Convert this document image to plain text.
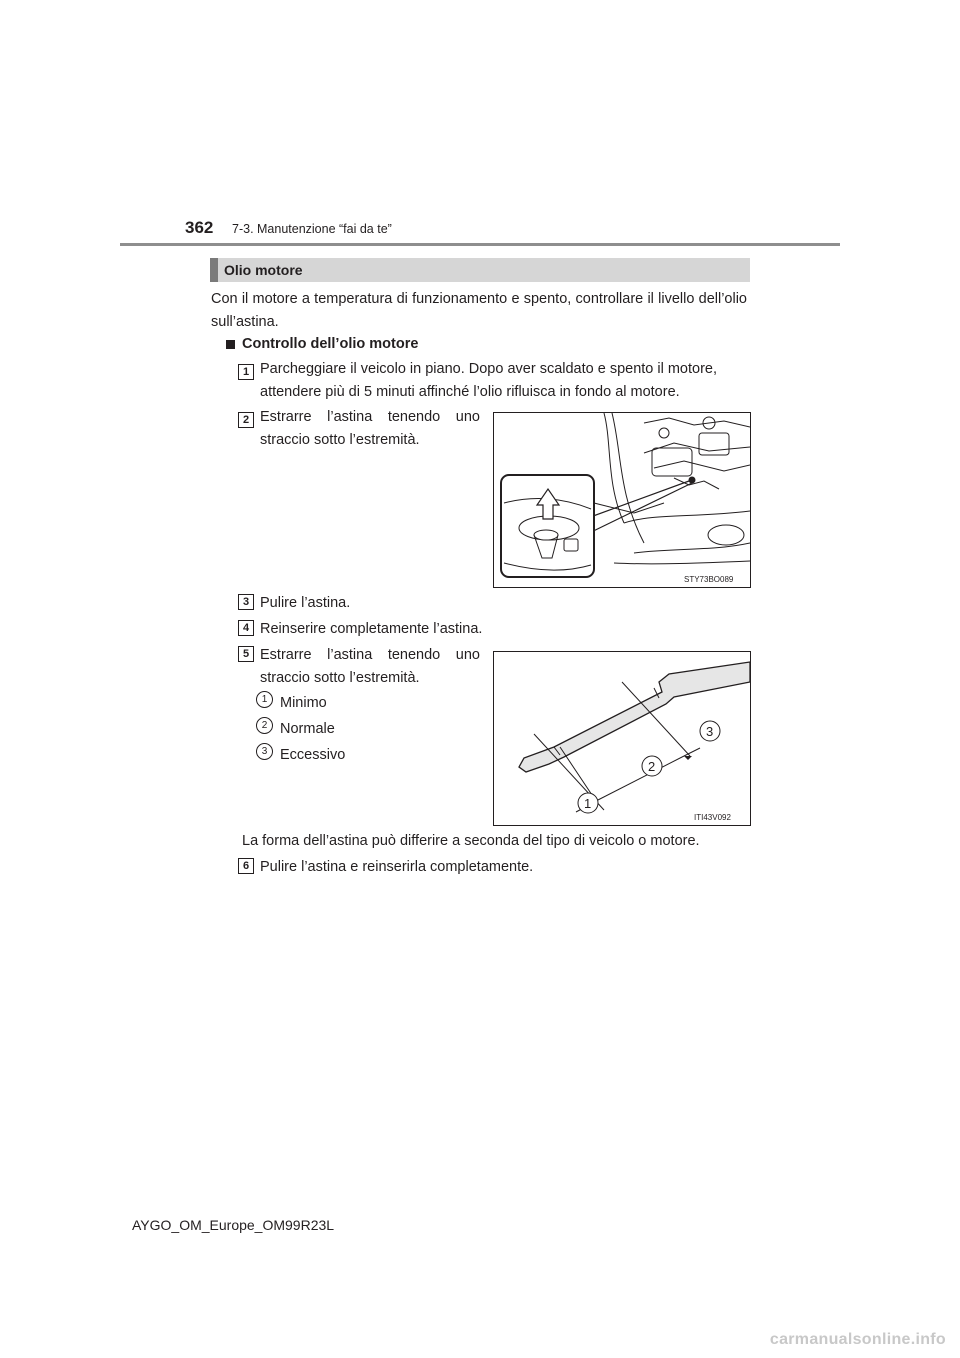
362 7-3. Manutenzione “fai da te”
Olio motore
Con il motore a temperatura di funzionamento e spento, controllare il livello dell’olio sull’astina.
Controllo dell’olio motore
1 Parcheggiare il veicolo in piano. Dopo aver scaldato e spento il motore,
attendere più di 5 minuti affinché l’olio rifluisca in fondo al motore.
2 Estrarre l’astina tenendo uno
straccio sotto l’estremità.
STY73BO089
3 Pulire l’astina.
4 Reinserire completamente l’astina.
5 Estrarre l’astina tenendo uno
straccio sotto l’estremità.
1 Minimo
2 Normale
3 Eccessivo
1
2
3
ITI43V092
La forma dell’astina può differire a seconda del tipo di veicolo o motore.
6 Pulire l’astina e reinserirla completamente.
AYGO_OM_Europe_OM99R23L
carmanualsonline.info
